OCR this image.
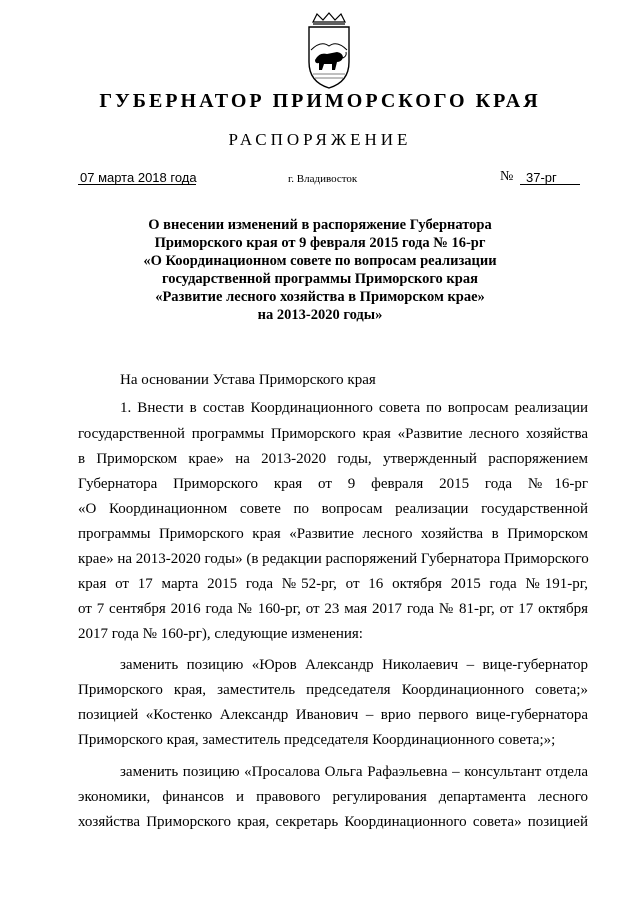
ГУБЕРНАТОР ПРИМОРСКОГО КРАЯ
РАСПОРЯЖЕНИЕ
07 марта 2018 года	г. Владивосток	№ 37-рг
О внесении изменений в распоряжение Губернатора
Приморского края от 9 февраля 2015 года № 16-рг
«О Координационном совете по вопросам реализации
государственной программы Приморского края
«Развитие лесного хозяйства в Приморском крае»
на 2013-2020 годы»
На основании Устава Приморского края
1. Внести в состав Координационного совета по вопросам реализации
государственной программы Приморского края «Развитие лесного хозяйства
в Приморском крае» на 2013-2020 годы, утвержденный распоряжением
Губернатора Приморского края от 9 февраля 2015 года №16-рг
«О Координационном совете по вопросам реализации государственной
программы Приморского края «Развитие лесного хозяйства в Приморском
крае» на 2013-2020 годы» (в редакции распоряжений Губернатора Приморского
края от 17 марта 2015 года №52-рг, от 16 октября 2015 года №191-рг,
от 7 сентября 2016 года № 160-рг, от 23 мая 2017 года № 81-рг, от 17 октября
2017 года № 160-рг), следующие изменения:
заменить позицию «Юров Александр Николаевич – вице-губернатор
Приморского края, заместитель председателя Координационного совета;»
позицией «Костенко Александр Иванович – врио первого вице-губернатора
Приморского края, заместитель председателя Координационного совета;»;
заменить позицию «Просалова Ольга Рафаэльевна – консультант отдела
экономики, финансов и правового регулирования департамента лесного
хозяйства Приморского края, секретарь Координационного совета» позицией
